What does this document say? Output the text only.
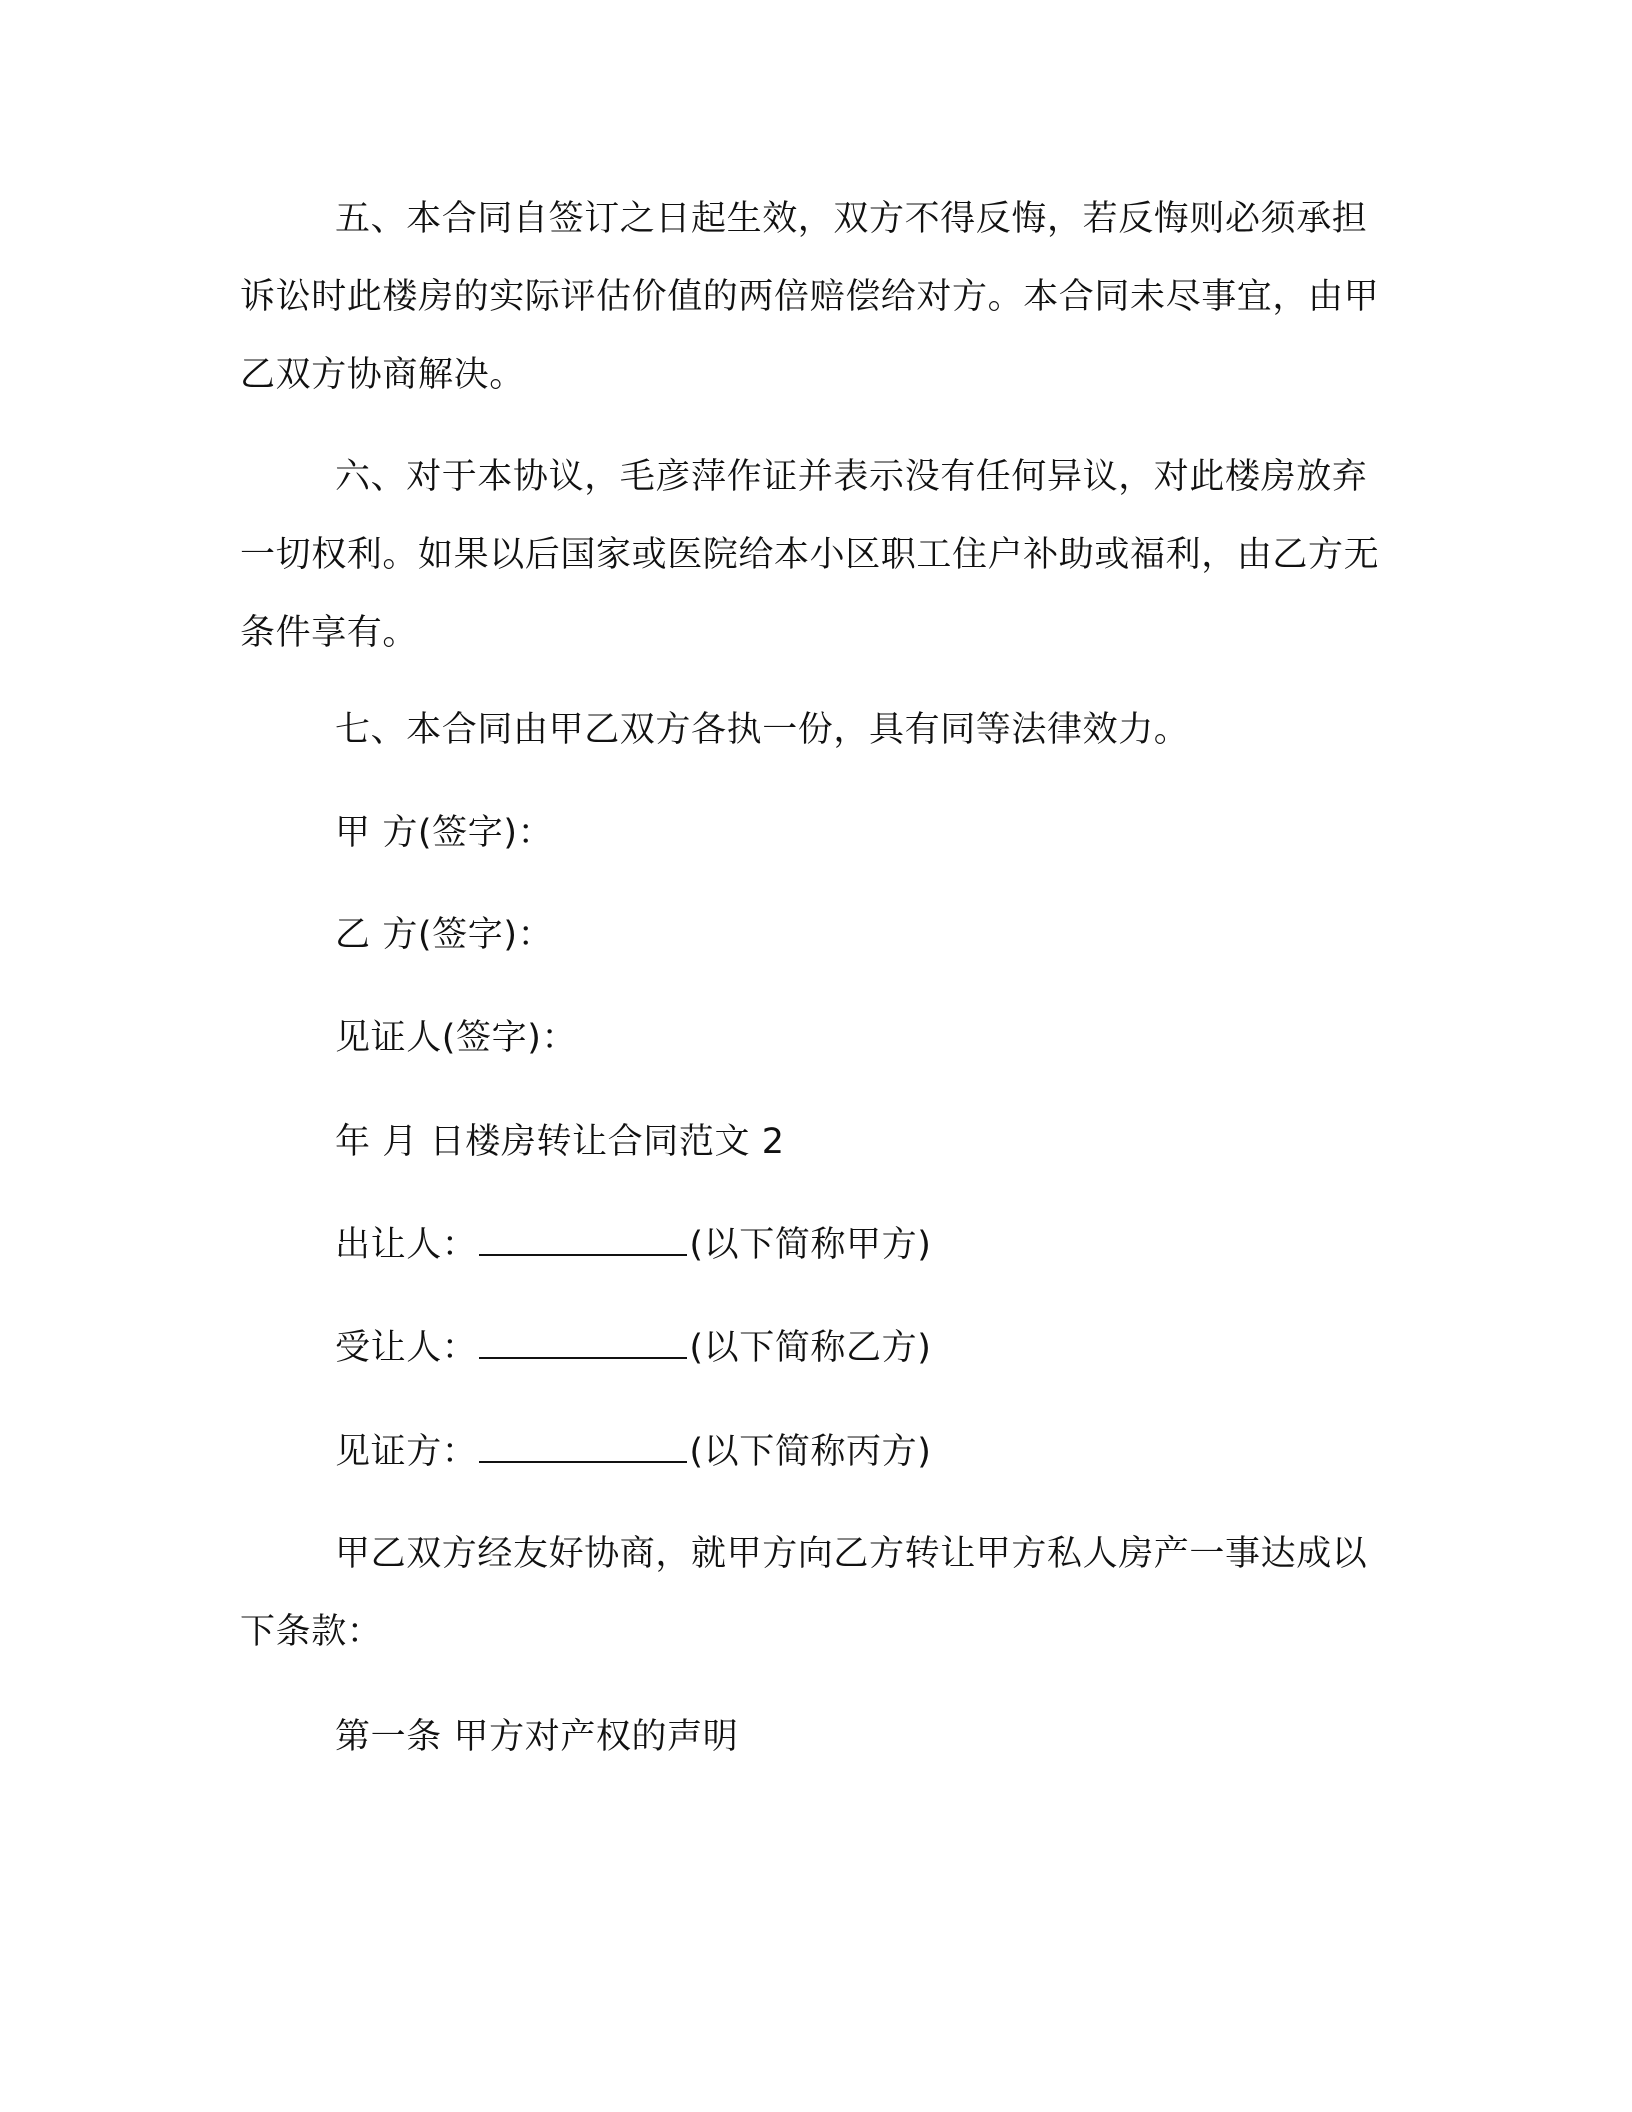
五、本合同自签订之日起生效，双方不得反悔，若反悔则必须承担诉讼时此楼房的实际评估价值的两倍赔偿给对方。本合同未尽事宜，由甲乙双方协商解决。

六、对于本协议，毛彦萍作证并表示没有任何异议，对此楼房放弃一切权利。如果以后国家或医院给本小区职工住户补助或福利，由乙方无条件享有。

七、本合同由甲乙双方各执一份，具有同等法律效力。

甲 方(签字)：

乙 方(签字)：

见证人(签字)：

年 月 日楼房转让合同范文 2

出让人：	(以下简称甲方)

受让人：	(以下简称乙方)

见证方：	(以下简称丙方)

甲乙双方经友好协商，就甲方向乙方转让甲方私人房产一事达成以下条款：

第一条 甲方对产权的声明
